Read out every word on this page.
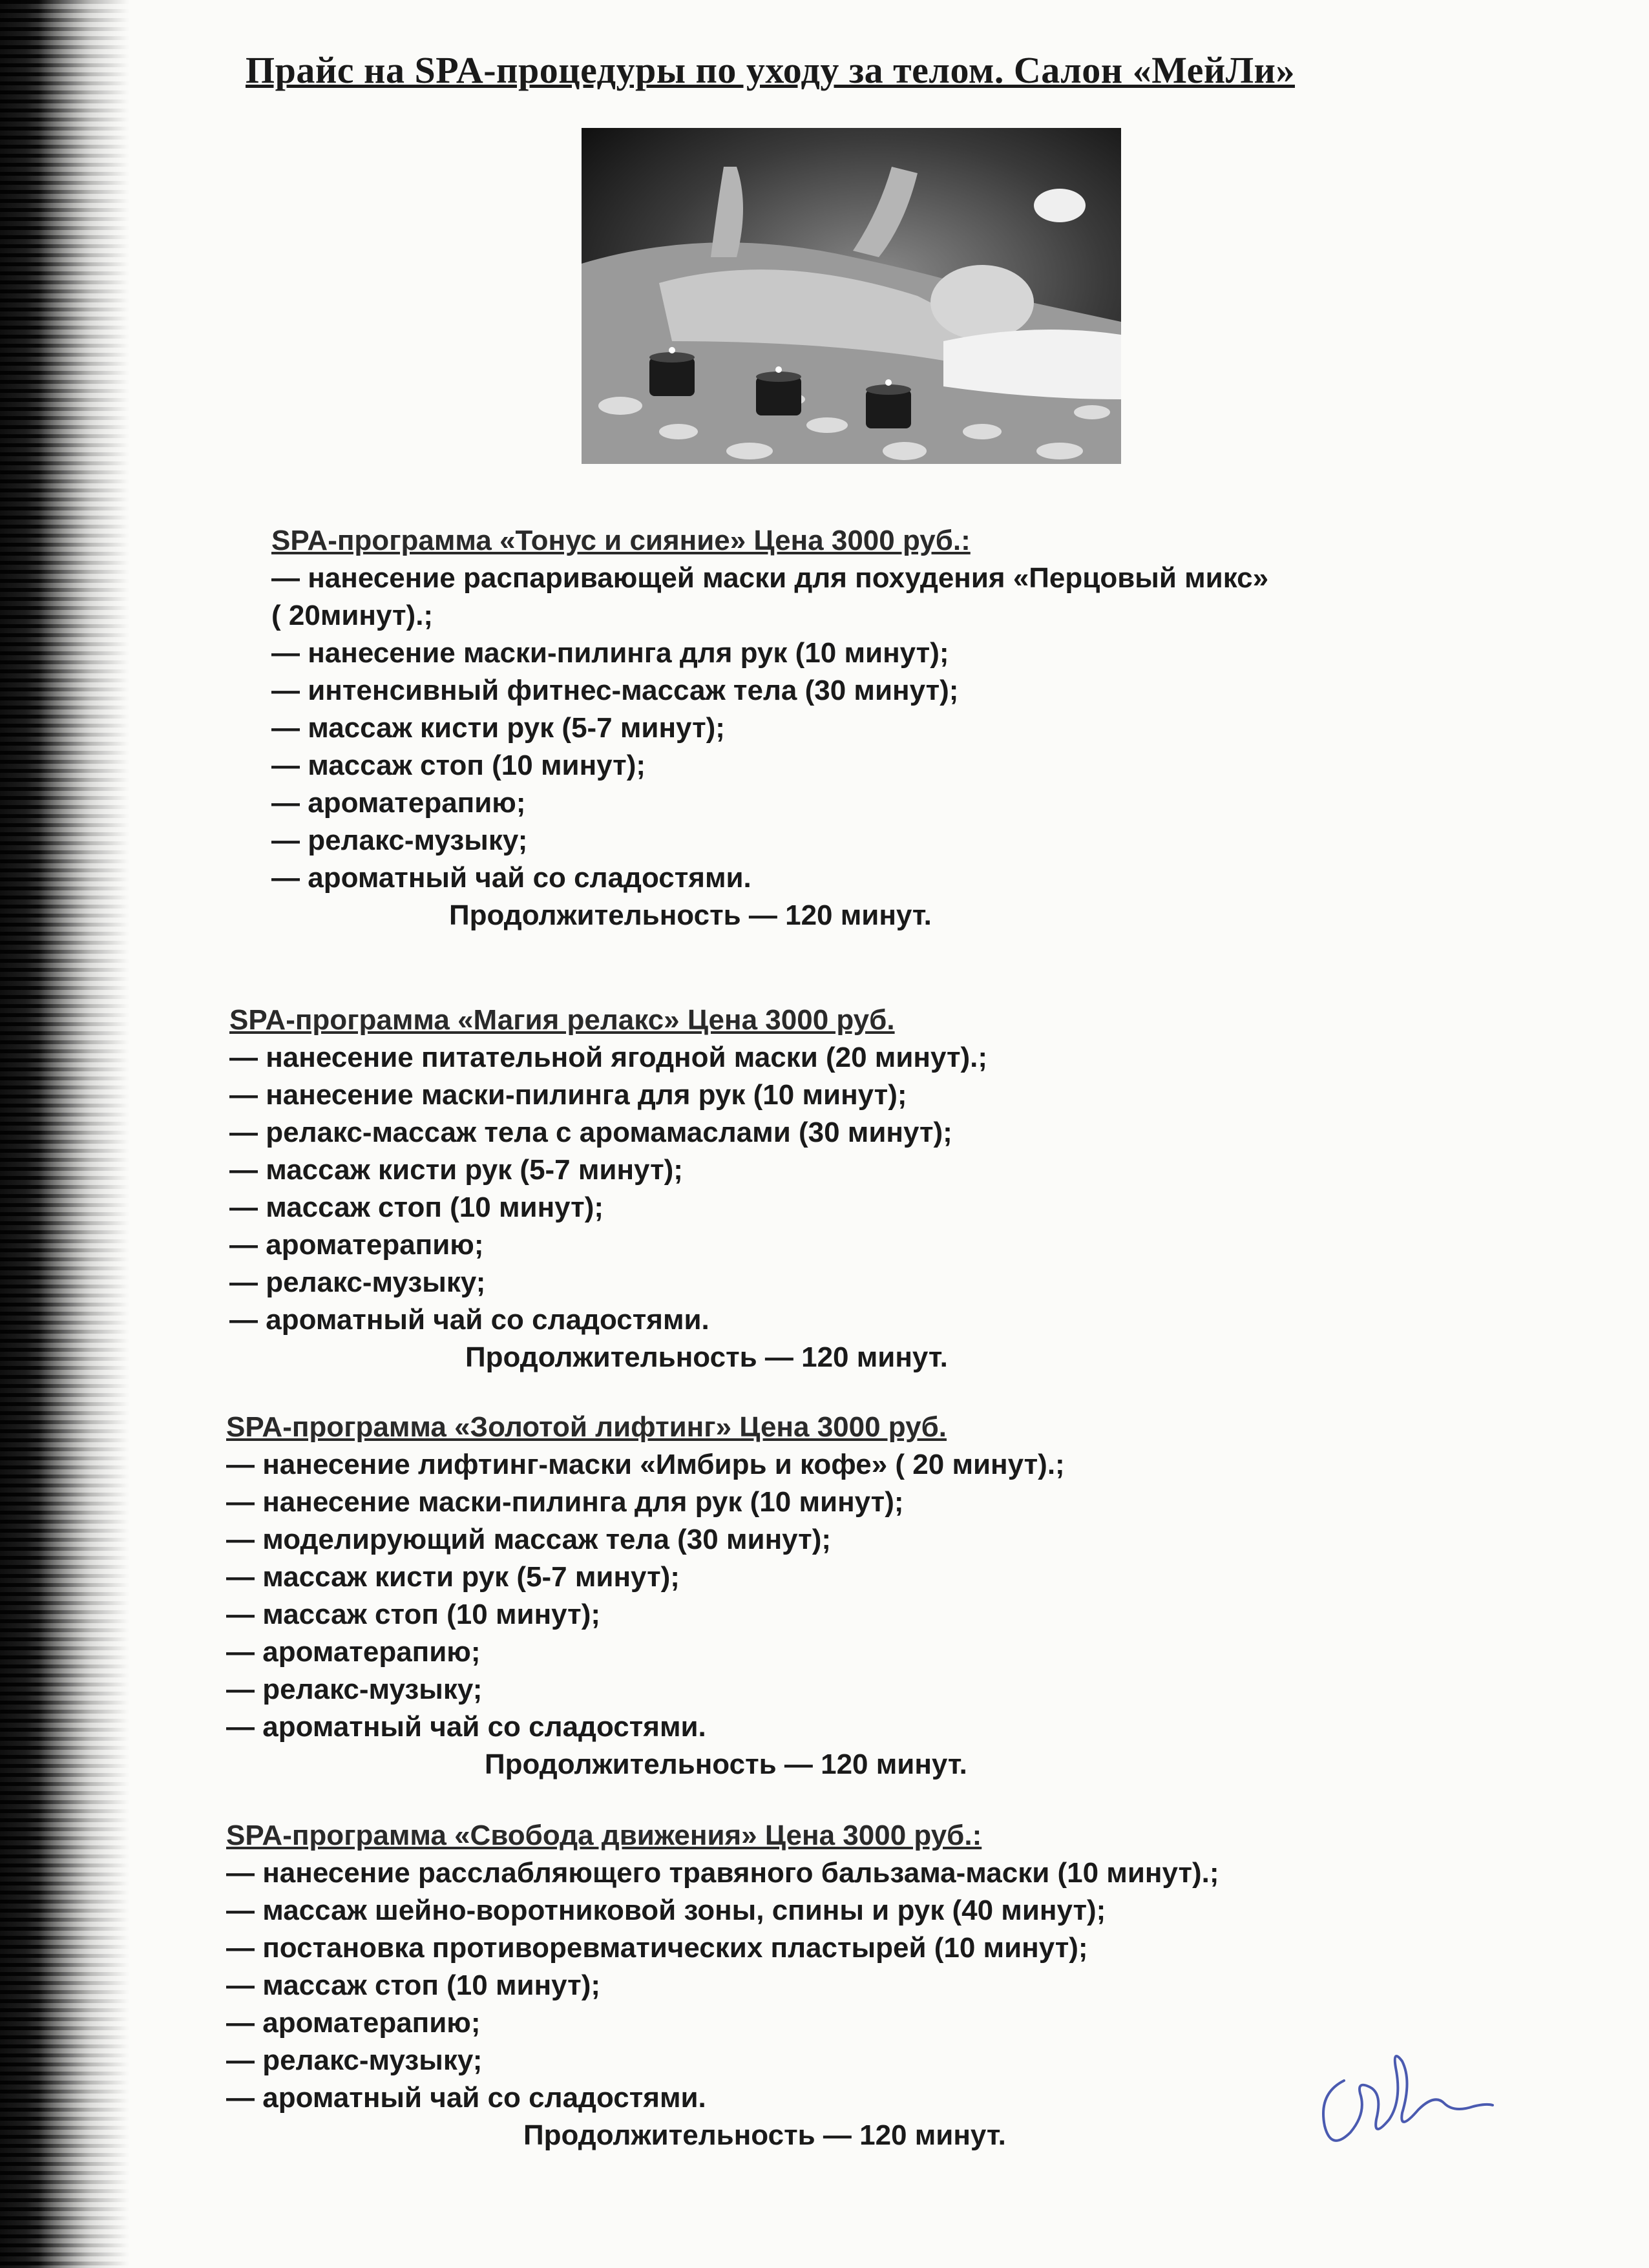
Прайс на SPA-процедуры по уходу за телом. Салон «МейЛи»
SPA-программа «Тонус и сияние» Цена 3000 руб.:
— нанесение распаривающей маски для похудения «Перцовый микс»
( 20минут).;
— нанесение маски-пилинга для рук (10 минут);
— интенсивный фитнес-массаж тела (30 минут);
— массаж кисти рук (5-7 минут);
— массаж стоп (10 минут);
— ароматерапию;
— релакс-музыку;
— ароматный чай со сладостями.
Продолжительность — 120 минут.
SPA-программа «Магия релакс» Цена 3000 руб.
— нанесение питательной ягодной маски (20 минут).;
— нанесение маски-пилинга для рук (10 минут);
— релакс-массаж тела с аромамаслами (30 минут);
— массаж кисти рук (5-7 минут);
— массаж стоп (10 минут);
— ароматерапию;
— релакс-музыку;
— ароматный чай со сладостями.
Продолжительность — 120 минут.
SPA-программа «Золотой лифтинг» Цена 3000 руб.
— нанесение лифтинг-маски «Имбирь и кофе» ( 20 минут).;
— нанесение маски-пилинга для рук (10 минут);
— моделирующий массаж тела (30 минут);
— массаж кисти рук (5-7 минут);
— массаж стоп (10 минут);
— ароматерапию;
— релакс-музыку;
— ароматный чай со сладостями.
Продолжительность — 120 минут.
SPA-программа «Свобода движения» Цена 3000 руб.:
— нанесение расслабляющего травяного бальзама-маски (10 минут).;
— массаж шейно-воротниковой зоны, спины и рук (40 минут);
— постановка противоревматических пластырей (10 минут);
— массаж стоп (10 минут);
— ароматерапию;
— релакс-музыку;
— ароматный чай со сладостями.
Продолжительность — 120 минут.
